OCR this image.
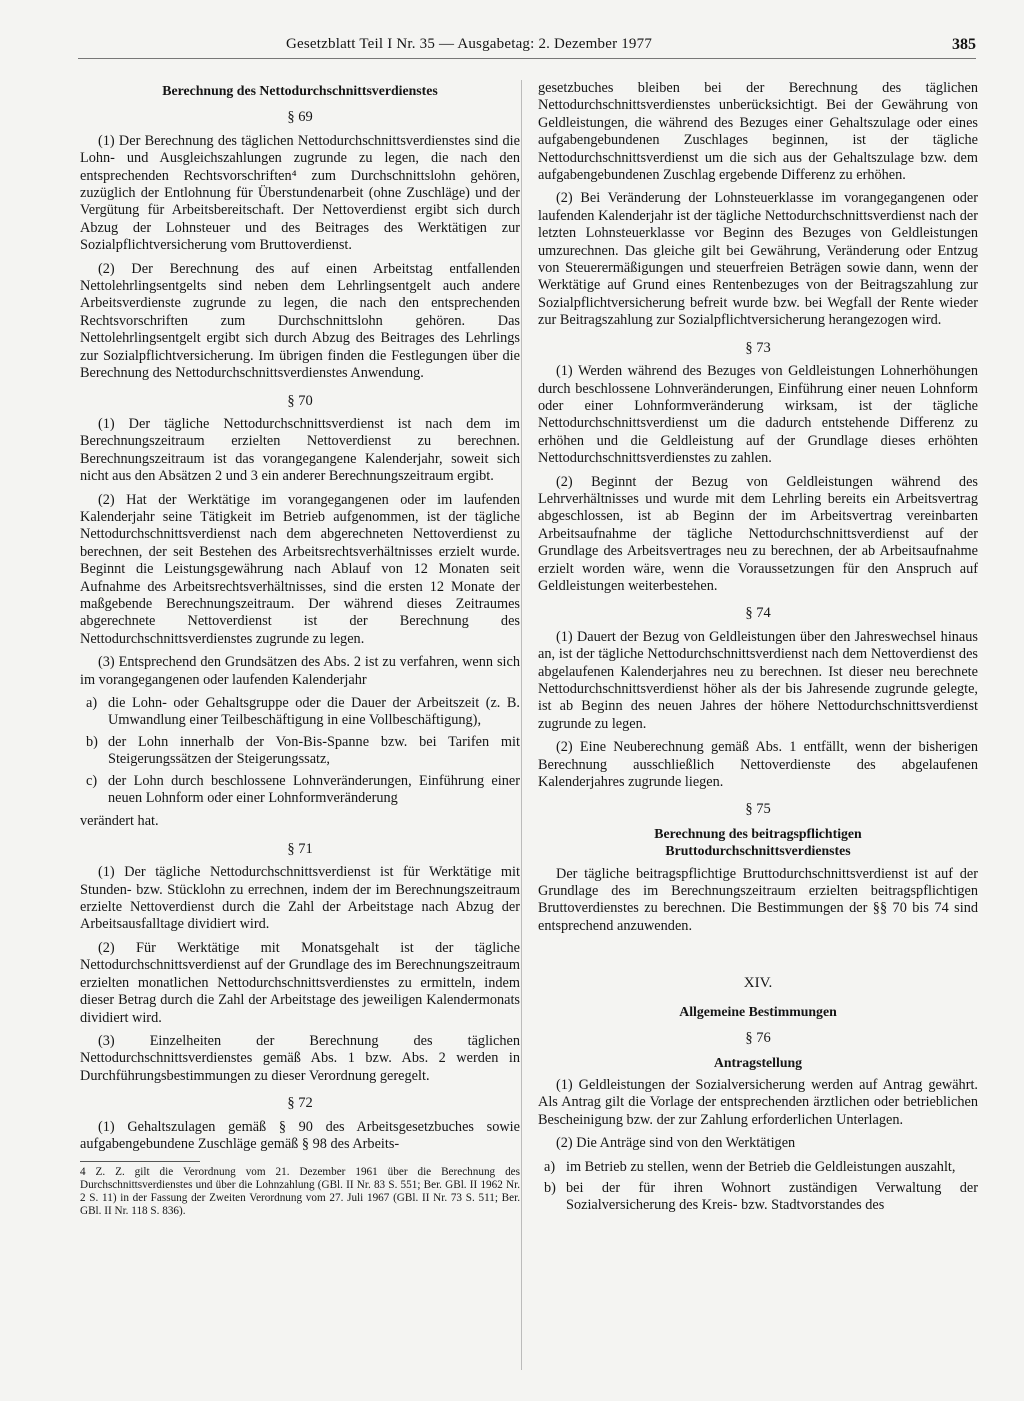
Gesetzblatt Teil I Nr. 35 — Ausgabetag: 2. Dezember 1977	385
Berechnung des Nettodurchschnittsverdienstes
§ 69

(1) Der Berechnung des täglichen Nettodurchschnittsverdienstes sind die Lohn- und Ausgleichszahlungen zugrunde zu legen, die nach den entsprechenden Rechtsvorschriften⁴ zum Durchschnittslohn gehören, zuzüglich der Entlohnung für Überstundenarbeit (ohne Zuschläge) und der Vergütung für Arbeitsbereitschaft. Der Nettoverdienst ergibt sich durch Abzug der Lohnsteuer und des Beitrages des Werktätigen zur Sozialpflichtversicherung vom Bruttoverdienst.

(2) Der Berechnung des auf einen Arbeitstag entfallenden Nettolehrlingsentgelts sind neben dem Lehrlingsentgelt auch andere Arbeitsverdienste zugrunde zu legen, die nach den entsprechenden Rechtsvorschriften zum Durchschnittslohn gehören. Das Nettolehrlingsentgelt ergibt sich durch Abzug des Beitrages des Lehrlings zur Sozialpflichtversicherung. Im übrigen finden die Festlegungen über die Berechnung des Nettodurchschnittsverdienstes Anwendung.

§ 70

(1) Der tägliche Nettodurchschnittsverdienst ist nach dem im Berechnungszeitraum erzielten Nettoverdienst zu berechnen. Berechnungszeitraum ist das vorangegangene Kalenderjahr, soweit sich nicht aus den Absätzen 2 und 3 ein anderer Berechnungszeitraum ergibt.

(2) Hat der Werktätige im vorangegangenen oder im laufenden Kalenderjahr seine Tätigkeit im Betrieb aufgenommen, ist der tägliche Nettodurchschnittsverdienst nach dem abgerechneten Nettoverdienst zu berechnen, der seit Bestehen des Arbeitsrechtsverhältnisses erzielt wurde. Beginnt die Leistungsgewährung nach Ablauf von 12 Monaten seit Aufnahme des Arbeitsrechtsverhältnisses, sind die ersten 12 Monate der maßgebende Berechnungszeitraum. Der während dieses Zeitraumes abgerechnete Nettoverdienst ist der Berechnung des Nettodurchschnittsverdienstes zugrunde zu legen.

(3) Entsprechend den Grundsätzen des Abs. 2 ist zu verfahren, wenn sich im vorangegangenen oder laufenden Kalenderjahr

a) die Lohn- oder Gehaltsgruppe oder die Dauer der Arbeitszeit (z. B. Umwandlung einer Teilbeschäftigung in eine Vollbeschäftigung),
b) der Lohn innerhalb der Von-Bis-Spanne bzw. bei Tarifen mit Steigerungssätzen der Steigerungssatz,
c) der Lohn durch beschlossene Lohnveränderungen, Einführung einer neuen Lohnform oder einer Lohnformveränderung

verändert hat.

§ 71

(1) Der tägliche Nettodurchschnittsverdienst ist für Werktätige mit Stunden- bzw. Stücklohn zu errechnen, indem der im Berechnungszeitraum erzielte Nettoverdienst durch die Zahl der Arbeitstage nach Abzug der Arbeitsausfalltage dividiert wird.

(2) Für Werktätige mit Monatsgehalt ist der tägliche Nettodurchschnittsverdienst auf der Grundlage des im Berechnungszeitraum erzielten monatlichen Nettodurchschnittsverdienstes zu ermitteln, indem dieser Betrag durch die Zahl der Arbeitstage des jeweiligen Kalendermonats dividiert wird.

(3) Einzelheiten der Berechnung des täglichen Nettodurchschnittsverdienstes gemäß Abs. 1 bzw. Abs. 2 werden in Durchführungsbestimmungen zu dieser Verordnung geregelt.

§ 72

(1) Gehaltszulagen gemäß § 90 des Arbeitsgesetzbuches sowie aufgabengebundene Zuschläge gemäß § 98 des Arbeits-

4 Z. Z. gilt die Verordnung vom 21. Dezember 1961 über die Berechnung des Durchschnittsverdienstes und über die Lohnzahlung (GBl. II Nr. 83 S. 551; Ber. GBl. II 1962 Nr. 2 S. 11) in der Fassung der Zweiten Verordnung vom 27. Juli 1967 (GBl. II Nr. 73 S. 511; Ber. GBl. II Nr. 118 S. 836).

gesetzbuches bleiben bei der Berechnung des täglichen Nettodurchschnittsverdienstes unberücksichtigt. Bei der Gewährung von Geldleistungen, die während des Bezuges einer Gehaltszulage oder eines aufgabengebundenen Zuschlages beginnen, ist der tägliche Nettodurchschnittsverdienst um die sich aus der Gehaltszulage bzw. dem aufgabengebundenen Zuschlag ergebende Differenz zu erhöhen.

(2) Bei Veränderung der Lohnsteuerklasse im vorangegangenen oder laufenden Kalenderjahr ist der tägliche Nettodurchschnittsverdienst nach der letzten Lohnsteuerklasse vor Beginn des Bezuges von Geldleistungen umzurechnen. Das gleiche gilt bei Gewährung, Veränderung oder Entzug von Steuerermäßigungen und steuerfreien Beträgen sowie dann, wenn der Werktätige auf Grund eines Rentenbezuges von der Beitragszahlung zur Sozialpflichtversicherung befreit wurde bzw. bei Wegfall der Rente wieder zur Beitragszahlung zur Sozialpflichtversicherung herangezogen wird.

§ 73

(1) Werden während des Bezuges von Geldleistungen Lohnerhöhungen durch beschlossene Lohnveränderungen, Einführung einer neuen Lohnform oder einer Lohnformveränderung wirksam, ist der tägliche Nettodurchschnittsverdienst um die dadurch entstehende Differenz zu erhöhen und die Geldleistung auf der Grundlage dieses erhöhten Nettodurchschnittsverdienstes zu zahlen.

(2) Beginnt der Bezug von Geldleistungen während des Lehrverhältnisses und wurde mit dem Lehrling bereits ein Arbeitsvertrag abgeschlossen, ist ab Beginn der im Arbeitsvertrag vereinbarten Arbeitsaufnahme der tägliche Nettodurchschnittsverdienst auf der Grundlage des Arbeitsvertrages neu zu berechnen, der ab Arbeitsaufnahme erzielt worden wäre, wenn die Voraussetzungen für den Anspruch auf Geldleistungen weiterbestehen.

§ 74

(1) Dauert der Bezug von Geldleistungen über den Jahreswechsel hinaus an, ist der tägliche Nettodurchschnittsverdienst nach dem Nettoverdienst des abgelaufenen Kalenderjahres neu zu berechnen. Ist dieser neu berechnete Nettodurchschnittsverdienst höher als der bis Jahresende zugrunde gelegte, ist ab Beginn des neuen Jahres der höhere Nettodurchschnittsverdienst zugrunde zu legen.

(2) Eine Neuberechnung gemäß Abs. 1 entfällt, wenn der bisherigen Berechnung ausschließlich Nettoverdienste des abgelaufenen Kalenderjahres zugrunde liegen.

§ 75
Berechnung des beitragspflichtigen
Bruttodurchschnittsverdienstes

Der tägliche beitragspflichtige Bruttodurchschnittsverdienst ist auf der Grundlage des im Berechnungszeitraum erzielten beitragspflichtigen Bruttoverdienstes zu berechnen. Die Bestimmungen der §§ 70 bis 74 sind entsprechend anzuwenden.

XIV.
Allgemeine Bestimmungen
§ 76
Antragstellung

(1) Geldleistungen der Sozialversicherung werden auf Antrag gewährt. Als Antrag gilt die Vorlage der entsprechenden ärztlichen oder betrieblichen Bescheinigung bzw. der zur Zahlung erforderlichen Unterlagen.

(2) Die Anträge sind von den Werktätigen

a) im Betrieb zu stellen, wenn der Betrieb die Geldleistungen auszahlt,
b) bei der für ihren Wohnort zuständigen Verwaltung der Sozialversicherung des Kreis- bzw. Stadtvorstandes des
